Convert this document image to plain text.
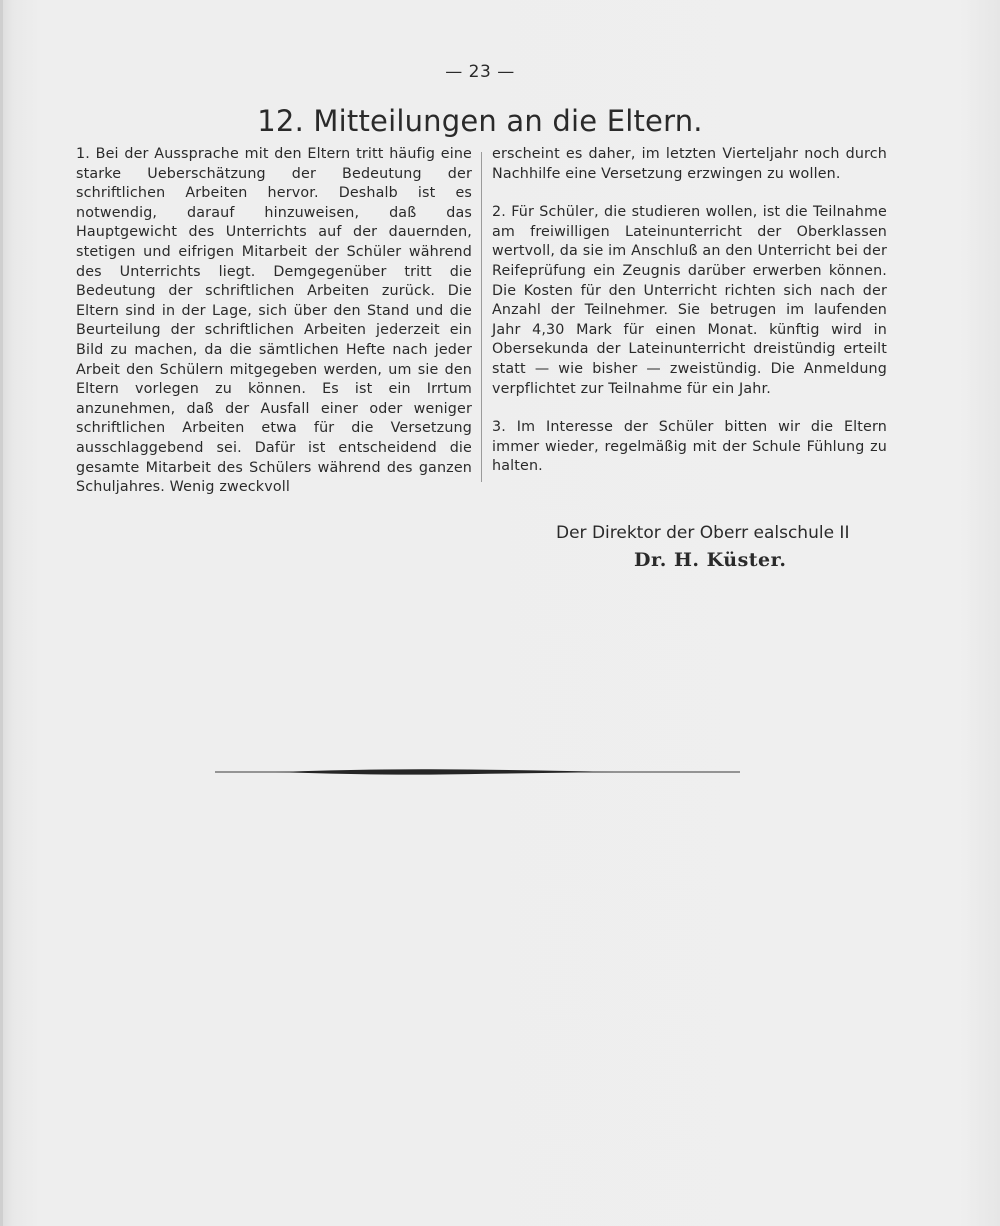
— 23 —
12. Mitteilungen an die Eltern.

1. Bei der Aussprache mit den Eltern tritt häufig eine starke Ueberschätzung der Bedeutung der schriftlichen Arbeiten hervor. Deshalb ist es notwendig, darauf hinzuweisen, daß das Hauptgewicht des Unterrichts auf der dauernden, stetigen und eifrigen Mitarbeit der Schüler während des Unterrichts liegt. Demgegenüber tritt die Bedeutung der schriftlichen Arbeiten zurück. Die Eltern sind in der Lage, sich über den Stand und die Beurteilung der schriftlichen Arbeiten jederzeit ein Bild zu machen, da die sämtlichen Hefte nach jeder Arbeit den Schülern mitgegeben werden, um sie den Eltern vorlegen zu können. Es ist ein Irrtum anzunehmen, daß der Ausfall einer oder weniger schriftlichen Arbeiten etwa für die Versetzung ausschlaggebend sei. Dafür ist entscheidend die gesamte Mitarbeit des Schülers während des ganzen Schuljahres. Wenig zweckvoll

erscheint es daher, im letzten Vierteljahr noch durch Nachhilfe eine Versetzung erzwingen zu wollen.

2. Für Schüler, die studieren wollen, ist die Teilnahme am freiwilligen Lateinunterricht der Oberklassen wertvoll, da sie im Anschluß an den Unterricht bei der Reifeprüfung ein Zeugnis darüber erwerben können. Die Kosten für den Unterricht richten sich nach der Anzahl der Teilnehmer. Sie betrugen im laufenden Jahr 4,30 Mark für einen Monat. künftig wird in Obersekunda der Lateinunterricht dreistündig erteilt statt — wie bisher — zweistündig. Die Anmeldung verpflichtet zur Teilnahme für ein Jahr.

3. Im Interesse der Schüler bitten wir die Eltern immer wieder, regelmäßig mit der Schule Fühlung zu halten.

Der Direktor der Oberr ealschule II
Dr. H. Küster.
